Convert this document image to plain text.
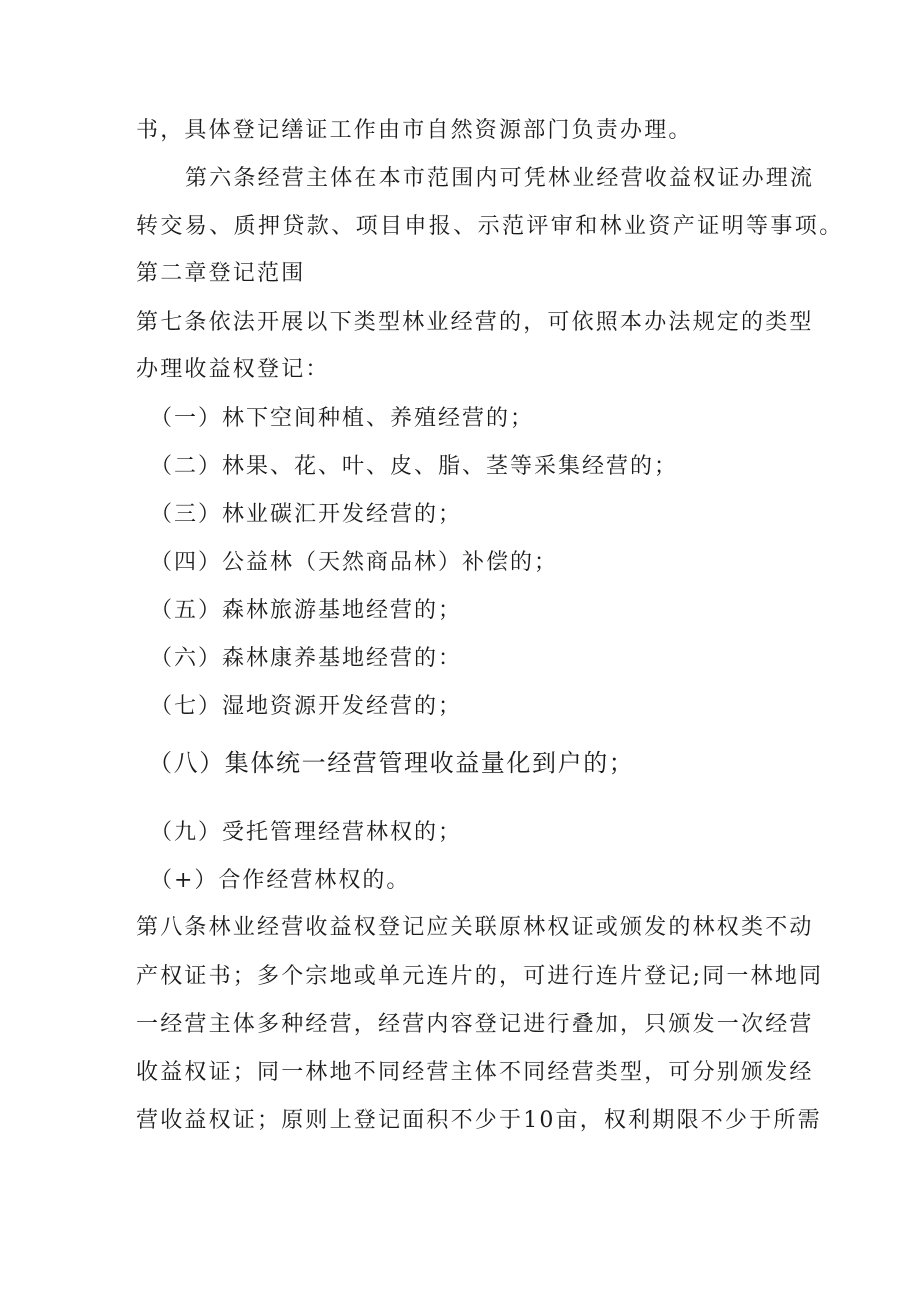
书，具体登记缮证工作由市自然资源部门负责办理。
第六条经营主体在本市范围内可凭林业经营收益权证办理流
转交易、质押贷款、项目申报、示范评审和林业资产证明等事项。
第二章登记范围
第七条依法开展以下类型林业经营的，可依照本办法规定的类型
办理收益权登记：
（一）林下空间种植、养殖经营的；
（二）林果、花、叶、皮、脂、茎等采集经营的；
（三）林业碳汇开发经营的；
（四）公益林（天然商品林）补偿的；
（五）森林旅游基地经营的；
（六）森林康养基地经营的：
（七）湿地资源开发经营的；
（八）集体统一经营管理收益量化到户的；
（九）受托管理经营林权的；
（+）合作经营林权的。
第八条林业经营收益权登记应关联原林权证或颁发的林权类不动
产权证书；多个宗地或单元连片的，可进行连片登记;同一林地同
一经营主体多种经营，经营内容登记进行叠加，只颁发一次经营
收益权证；同一林地不同经营主体不同经营类型，可分别颁发经
营收益权证；原则上登记面积不少于10亩，权利期限不少于所需
